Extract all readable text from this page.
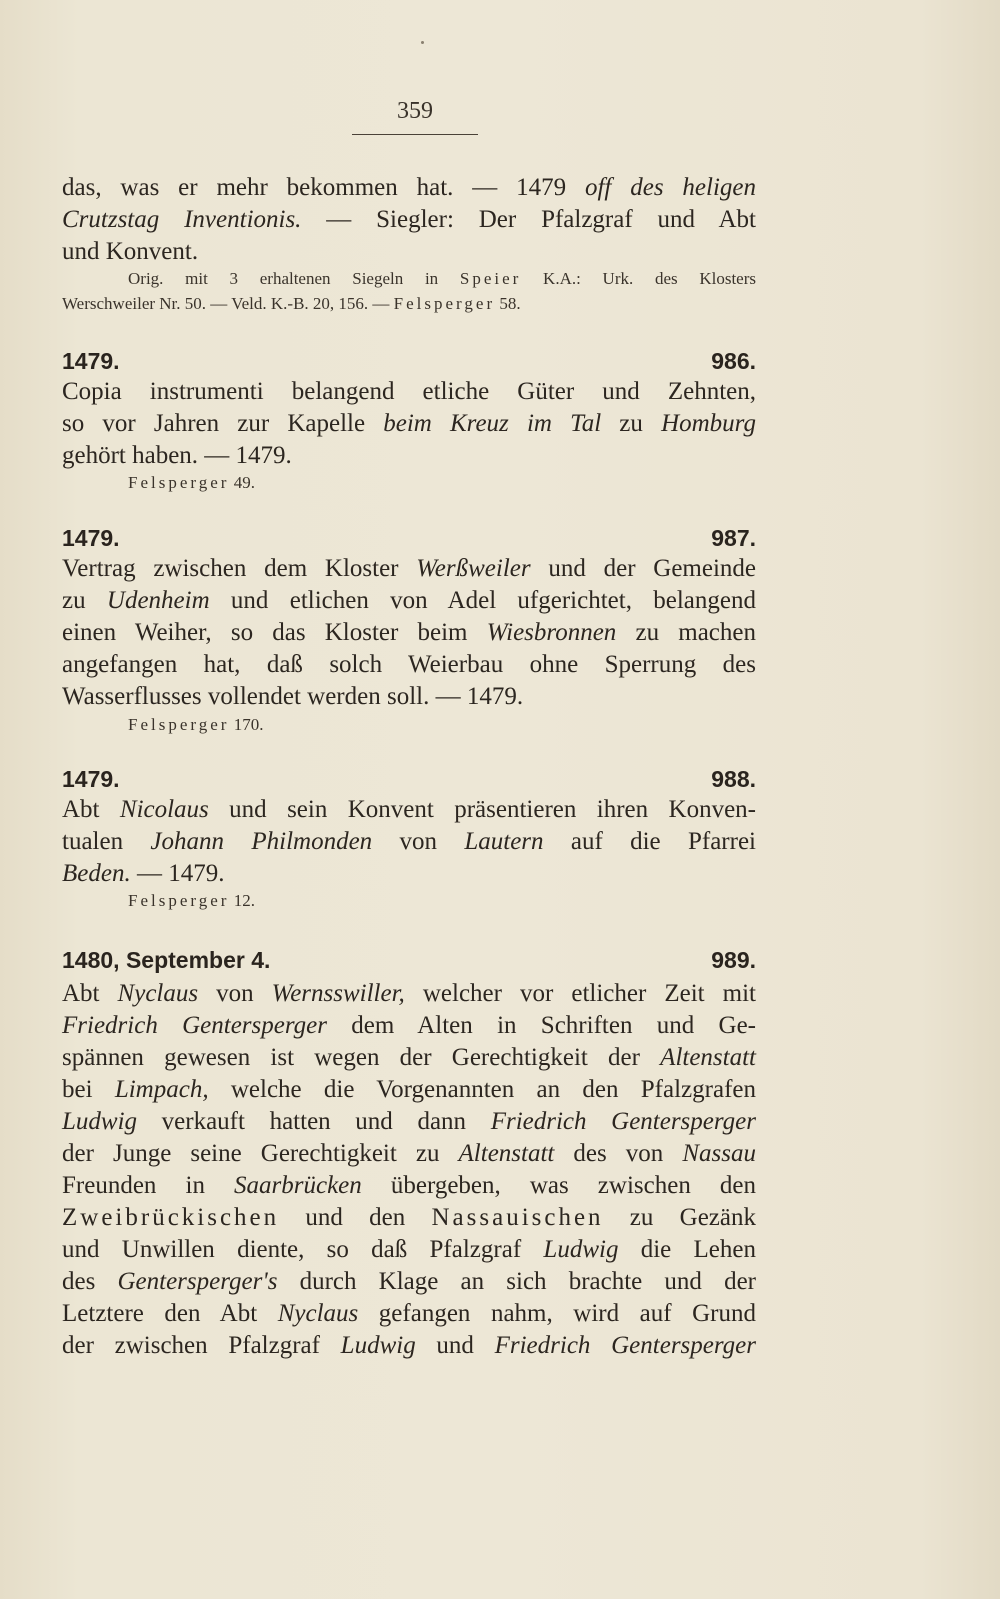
359
das, was er mehr bekommen hat. — 1479 off des heligen
Crutzstag Inventionis. — Siegler: Der Pfalzgraf und Abt
und Konvent.
Orig. mit 3 erhaltenen Siegeln in Speier K.A.: Urk. des Klosters
Werschweiler Nr. 50. — Veld. K.-B. 20, 156. — Felsperger 58.
1479.	986.
Copia instrumenti belangend etliche Güter und Zehnten,
so vor Jahren zur Kapelle beim Kreuz im Tal zu Homburg
gehört haben. — 1479.
Felsperger 49.
1479.	987.
Vertrag zwischen dem Kloster Werßweiler und der Gemeinde
zu Udenheim und etlichen von Adel ufgerichtet, belangend
einen Weiher, so das Kloster beim Wiesbronnen zu machen
angefangen hat, daß solch Weierbau ohne Sperrung des
Wasserflusses vollendet werden soll. — 1479.
Felsperger 170.
1479.	988.
Abt Nicolaus und sein Konvent präsentieren ihren Konven-
tualen Johann Philmonden von Lautern auf die Pfarrei
Beden. — 1479.
Felsperger 12.
1480, September 4.	989.
Abt Nyclaus von Wernsswiller, welcher vor etlicher Zeit mit
Friedrich Gentersperger dem Alten in Schriften und Ge-
spännen gewesen ist wegen der Gerechtigkeit der Altenstatt
bei Limpach, welche die Vorgenannten an den Pfalzgrafen
Ludwig verkauft hatten und dann Friedrich Gentersperger
der Junge seine Gerechtigkeit zu Altenstatt des von Nassau
Freunden in Saarbrücken übergeben, was zwischen den
Zweibrückischen und den Nassauischen zu Gezänk
und Unwillen diente, so daß Pfalzgraf Ludwig die Lehen
des Gentersperger's durch Klage an sich brachte und der
Letztere den Abt Nyclaus gefangen nahm, wird auf Grund
der zwischen Pfalzgraf Ludwig und Friedrich Gentersperger
